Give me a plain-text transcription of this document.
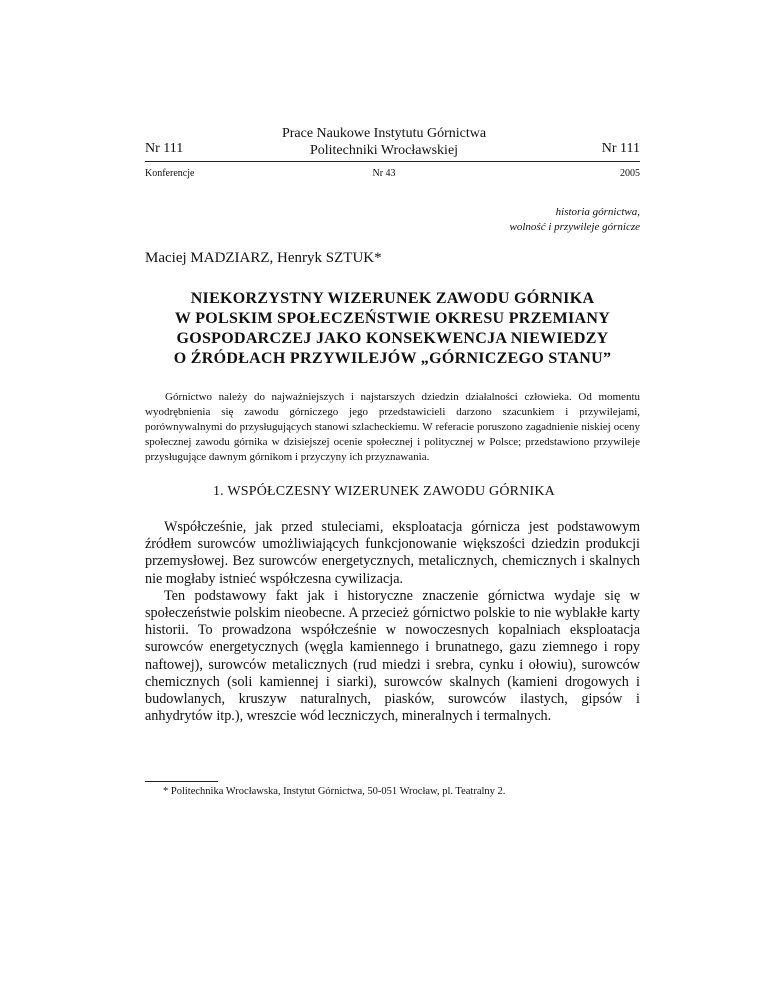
Nr 111
Prace Naukowe Instytutu Górnictwa
Politechniki Wrocławskiej	Nr 111
Konferencje	Nr 43	2005
historia górnictwa,
wolność i przywileje górnicze
Maciej MADZIARZ, Henryk SZTUK*
NIEKORZYSTNY WIZERUNEK ZAWODU GÓRNIKA
W POLSKIM SPOŁECZEŃSTWIE OKRESU PRZEMIANY
GOSPODARCZEJ JAKO KONSEKWENCJA NIEWIEDZY
O ŹRÓDŁACH PRZYWILEJÓW „GÓRNICZEGO STANU”

Górnictwo należy do najważniejszych i najstarszych dziedzin działalności człowieka. Od momentu wyodrębnienia się zawodu górniczego jego przedstawicieli darzono szacunkiem i przywilejami, porównywalnymi do przysługujących stanowi szlacheckiemu. W referacie poruszono zagadnienie niskiej oceny społecznej zawodu górnika w dzisiejszej ocenie społecznej i politycznej w Polsce; przedstawiono przywileje przysługujące dawnym górnikom i przyczyny ich przyznawania.

1. WSPÓŁCZESNY WIZERUNEK ZAWODU GÓRNIKA

Współcześnie, jak przed stuleciami, eksploatacja górnicza jest podstawowym źródłem surowców umożliwiających funkcjonowanie większości dziedzin produkcji przemysłowej. Bez surowców energetycznych, metalicznych, chemicznych i skalnych nie mogłaby istnieć współczesna cywilizacja.

Ten podstawowy fakt jak i historyczne znaczenie górnictwa wydaje się w społeczeństwie polskim nieobecne. A przecież górnictwo polskie to nie wyblakłe karty historii. To prowadzona współcześnie w nowoczesnych kopalniach eksploatacja surowców energetycznych (węgla kamiennego i brunatnego, gazu ziemnego i ropy naftowej), surowców metalicznych (rud miedzi i srebra, cynku i ołowiu), surowców chemicznych (soli kamiennej i siarki), surowców skalnych (kamieni drogowych i budowlanych, kruszyw naturalnych, piasków, surowców ilastych, gipsów i anhydrytów itp.), wreszcie wód leczniczych, mineralnych i termalnych.

* Politechnika Wrocławska, Instytut Górnictwa, 50-051 Wrocław, pl. Teatralny 2.
